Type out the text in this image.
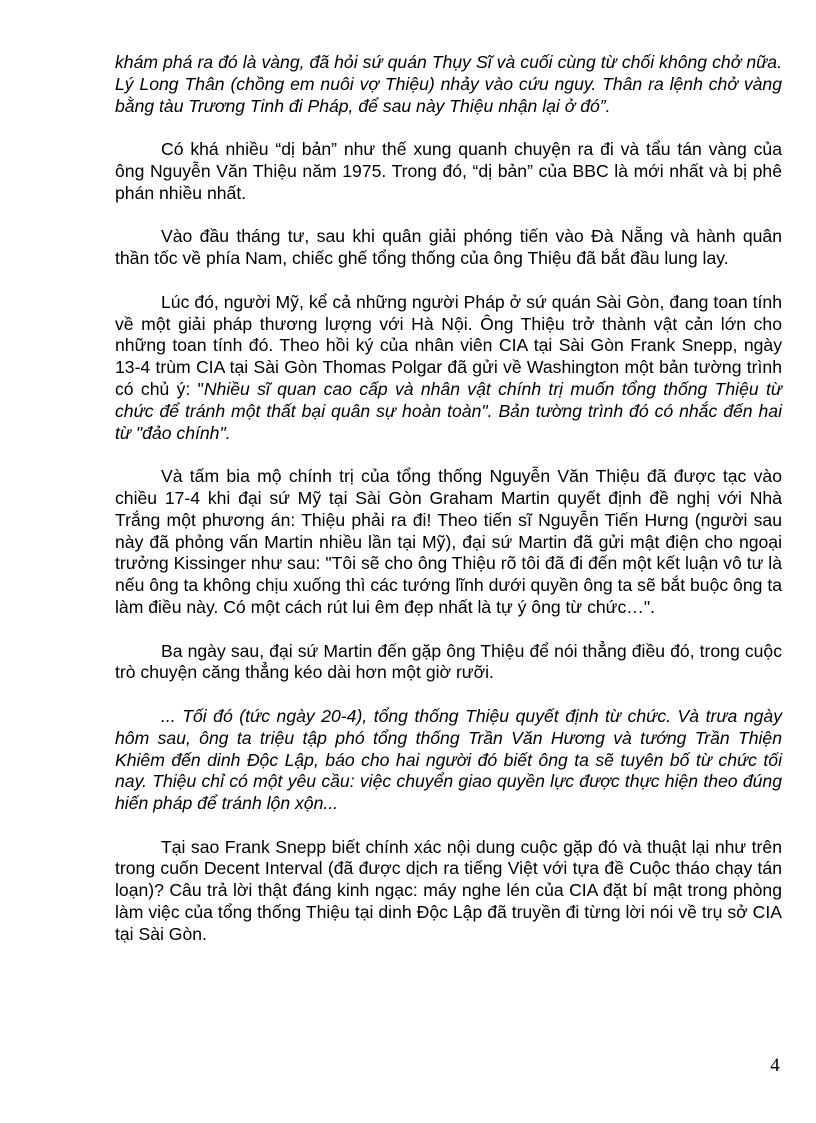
khám phá ra đó là vàng, đã hỏi sứ quán Thụy Sĩ và cuối cùng từ chối không chở nữa. Lý Long Thân (chồng em nuôi vợ Thiệu) nhảy vào cứu nguy. Thân ra lệnh chở vàng bằng tàu Trương Tinh đi Pháp, để sau này Thiệu nhận lại ở đó”.

Có khá nhiều “dị bản” như thế xung quanh chuyện ra đi và tẩu tán vàng của ông Nguyễn Văn Thiệu năm 1975. Trong đó, “dị bản” của BBC là mới nhất và bị phê phán nhiều nhất.

Vào đầu tháng tư, sau khi quân giải phóng tiến vào Đà Nẵng và hành quân thần tốc về phía Nam, chiếc ghế tổng thống của ông Thiệu đã bắt đầu lung lay.

Lúc đó, người Mỹ, kể cả những người Pháp ở sứ quán Sài Gòn, đang toan tính về một giải pháp thương lượng với Hà Nội. Ông Thiệu trở thành vật cản lớn cho những toan tính đó. Theo hồi ký của nhân viên CIA tại Sài Gòn Frank Snepp, ngày 13-4 trùm CIA tại Sài Gòn Thomas Polgar đã gửi về Washington một bản tường trình có chủ ý: "Nhiều sĩ quan cao cấp và nhân vật chính trị muốn tổng thống Thiệu từ chức để tránh một thất bại quân sự hoàn toàn". Bản tường trình đó có nhắc đến hai từ "đảo chính".

Và tấm bia mộ chính trị của tổng thống Nguyễn Văn Thiệu đã được tạc vào chiều 17-4 khi đại sứ Mỹ tại Sài Gòn Graham Martin quyết định đề nghị với Nhà Trắng một phương án: Thiệu phải ra đi! Theo tiến sĩ Nguyễn Tiến Hưng (người sau này đã phỏng vấn Martin nhiều lần tại Mỹ), đại sứ Martin đã gửi mật điện cho ngoại trưởng Kissinger như sau: "Tôi sẽ cho ông Thiệu rõ tôi đã đi đến một kết luận vô tư là nếu ông ta không chịu xuống thì các tướng lĩnh dưới quyền ông ta sẽ bắt buộc ông ta làm điều này. Có một cách rút lui êm đẹp nhất là tự ý ông từ chức…".

Ba ngày sau, đại sứ Martin đến gặp ông Thiệu để nói thẳng điều đó, trong cuộc trò chuyện căng thẳng kéo dài hơn một giờ rưỡi.

... Tối đó (tức ngày 20-4), tổng thống Thiệu quyết định từ chức. Và trưa ngày hôm sau, ông ta triệu tập phó tổng thống Trần Văn Hương và tướng Trần Thiện Khiêm đến dinh Độc Lập, báo cho hai người đó biết ông ta sẽ tuyên bố từ chức tối nay. Thiệu chỉ có một yêu cầu: việc chuyển giao quyền lực được thực hiện theo đúng hiến pháp để tránh lộn xộn...

Tại sao Frank Snepp biết chính xác nội dung cuộc gặp đó và thuật lại như trên trong cuốn Decent Interval (đã được dịch ra tiếng Việt với tựa đề Cuộc tháo chạy tán loạn)? Câu trả lời thật đáng kinh ngạc: máy nghe lén của CIA đặt bí mật trong phòng làm việc của tổng thống Thiệu tại dinh Độc Lập đã truyền đi từng lời nói về trụ sở CIA tại Sài Gòn.

4
